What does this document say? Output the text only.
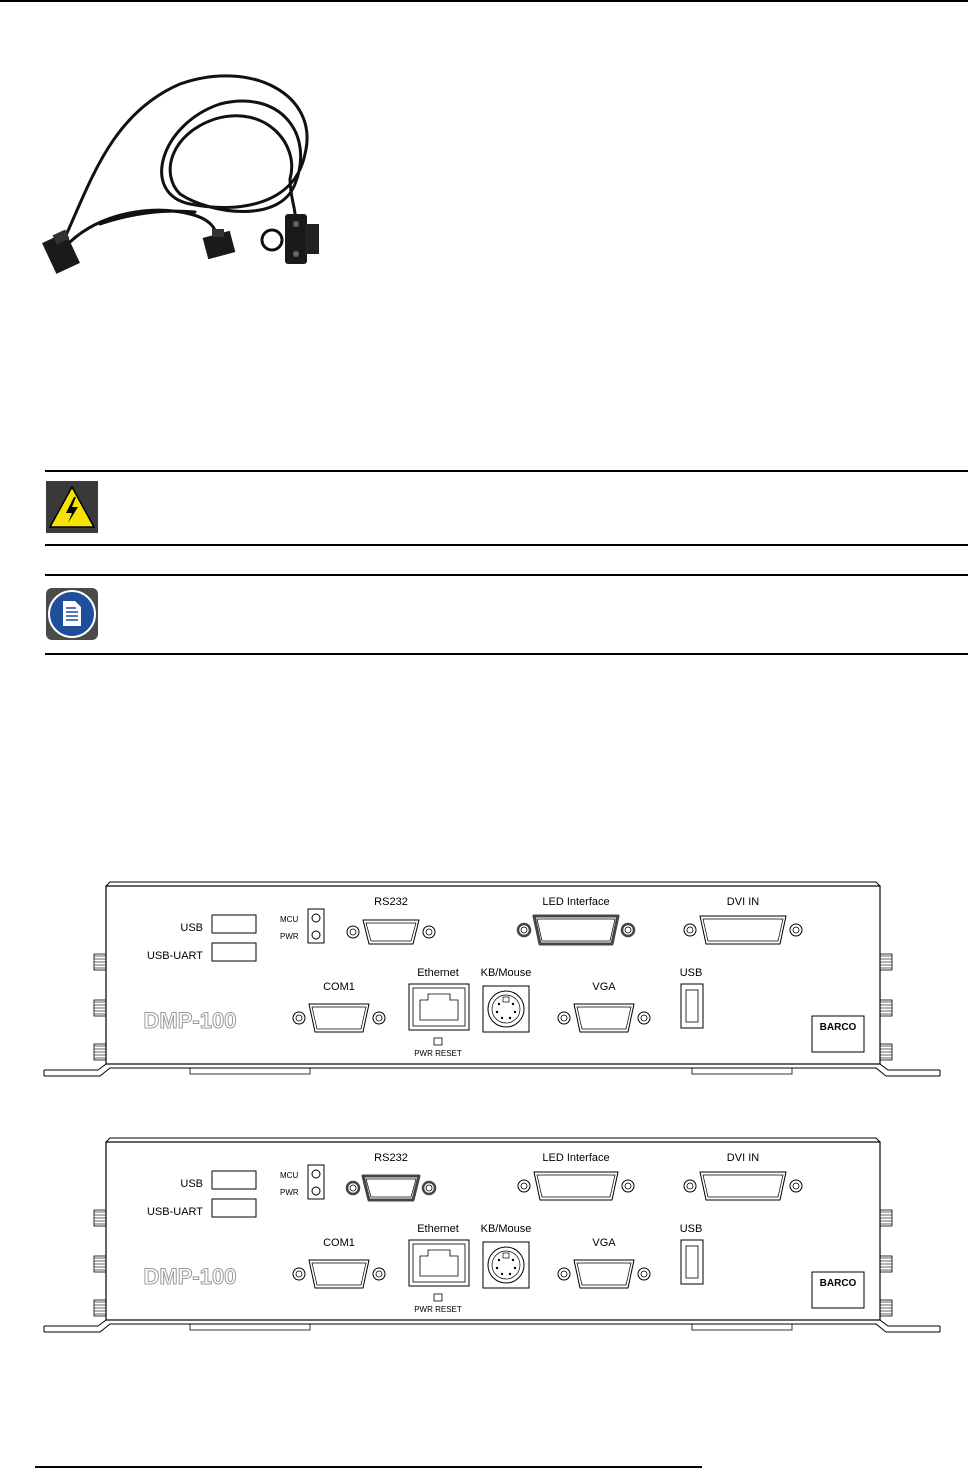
USB
USB-UART
MCU
PWR
RS232	LED Interface	DVI IN
COM1
Ethernet
PWR RESET
KB/Mouse
VGA
USB
DMP-100	BARCO
USB
USB-UART
MCU
PWR
RS232	LED Interface	DVI IN
COM1
Ethernet
PWR RESET
KB/Mouse
VGA
USB
DMP-100	BARCO
